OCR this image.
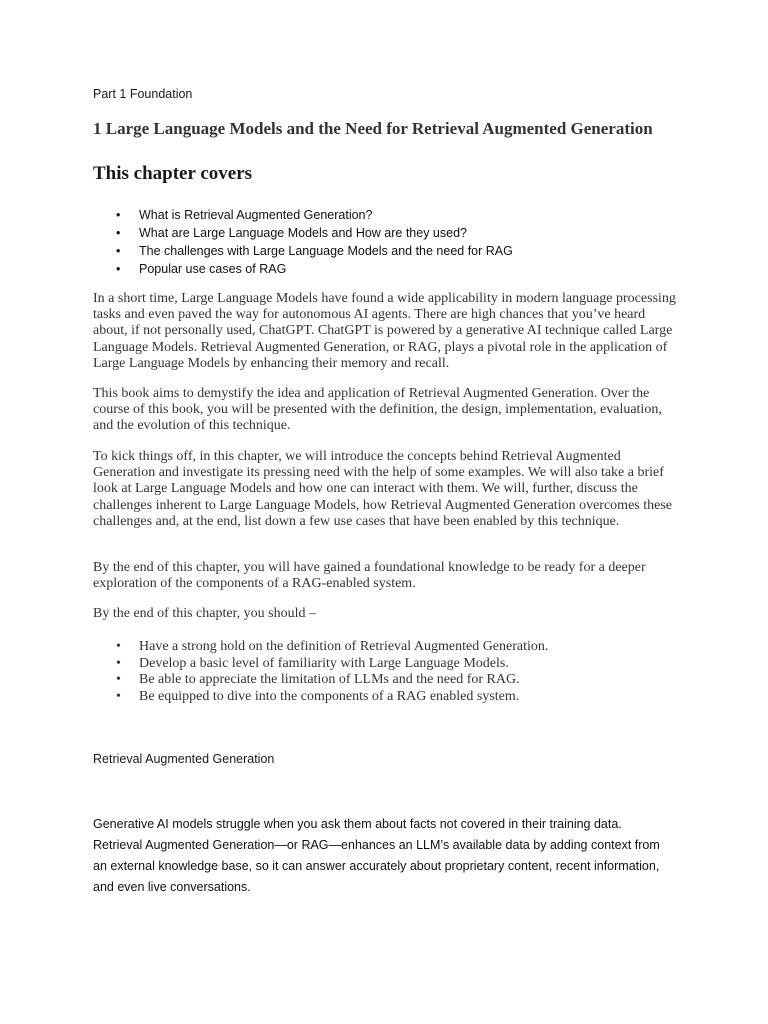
Part 1 Foundation
1 Large Language Models and the Need for Retrieval Augmented Generation
This chapter covers
• What is Retrieval Augmented Generation?
• What are Large Language Models and How are they used?
• The challenges with Large Language Models and the need for RAG
• Popular use cases of RAG

In a short time, Large Language Models have found a wide applicability in modern language processing tasks and even paved the way for autonomous AI agents. There are high chances that you’ve heard about, if not personally used, ChatGPT. ChatGPT is powered by a generative AI technique called Large Language Models. Retrieval Augmented Generation, or RAG, plays a pivotal role in the application of Large Language Models by enhancing their memory and recall.

This book aims to demystify the idea and application of Retrieval Augmented Generation. Over the course of this book, you will be presented with the definition, the design, implementation, evaluation, and the evolution of this technique.

To kick things off, in this chapter, we will introduce the concepts behind Retrieval Augmented Generation and investigate its pressing need with the help of some examples. We will also take a brief look at Large Language Models and how one can interact with them. We will, further, discuss the challenges inherent to Large Language Models, how Retrieval Augmented Generation overcomes these challenges and, at the end, list down a few use cases that have been enabled by this technique.

By the end of this chapter, you will have gained a foundational knowledge to be ready for a deeper exploration of the components of a RAG-enabled system.

By the end of this chapter, you should –

• Have a strong hold on the definition of Retrieval Augmented Generation.
• Develop a basic level of familiarity with Large Language Models.
• Be able to appreciate the limitation of LLMs and the need for RAG.
• Be equipped to dive into the components of a RAG enabled system.
Retrieval Augmented Generation

Generative AI models struggle when you ask them about facts not covered in their training data. Retrieval Augmented Generation—or RAG—enhances an LLM’s available data by adding context from an external knowledge base, so it can answer accurately about proprietary content, recent information, and even live conversations.
